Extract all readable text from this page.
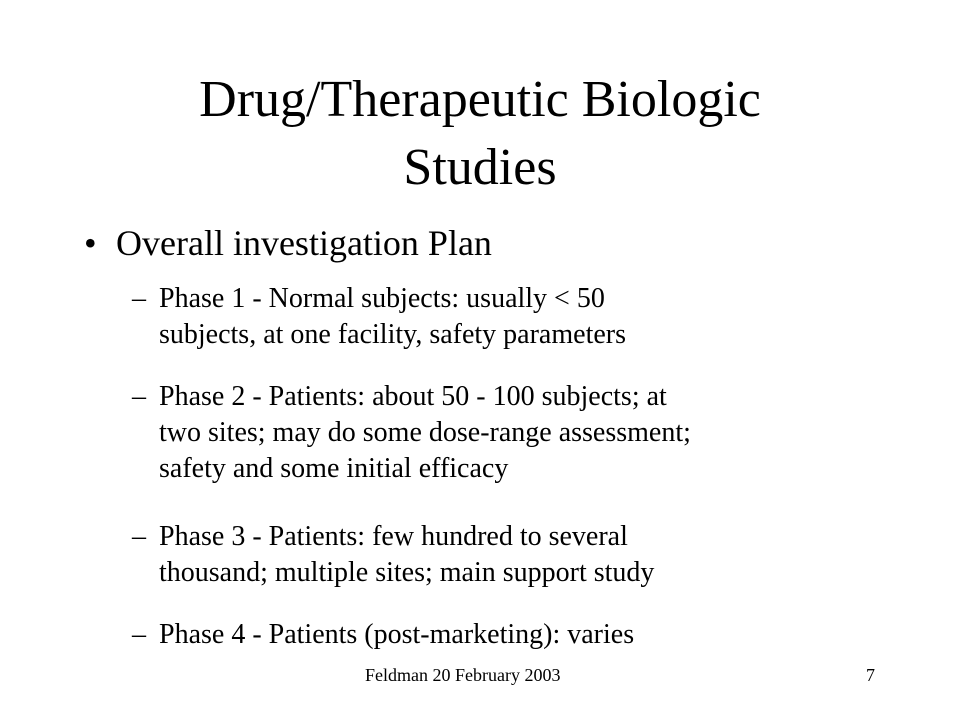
Drug/Therapeutic Biologic
Studies
• Overall investigation Plan
– Phase 1 - Normal subjects: usually < 50
subjects, at one facility, safety parameters
– Phase 2 - Patients: about 50 - 100 subjects; at
two sites; may do some dose-range assessment;
safety and some initial efficacy
– Phase 3 - Patients: few hundred to several
thousand; multiple sites; main support study
– Phase 4 - Patients (post-marketing): varies
Feldman 20 February 2003	7
